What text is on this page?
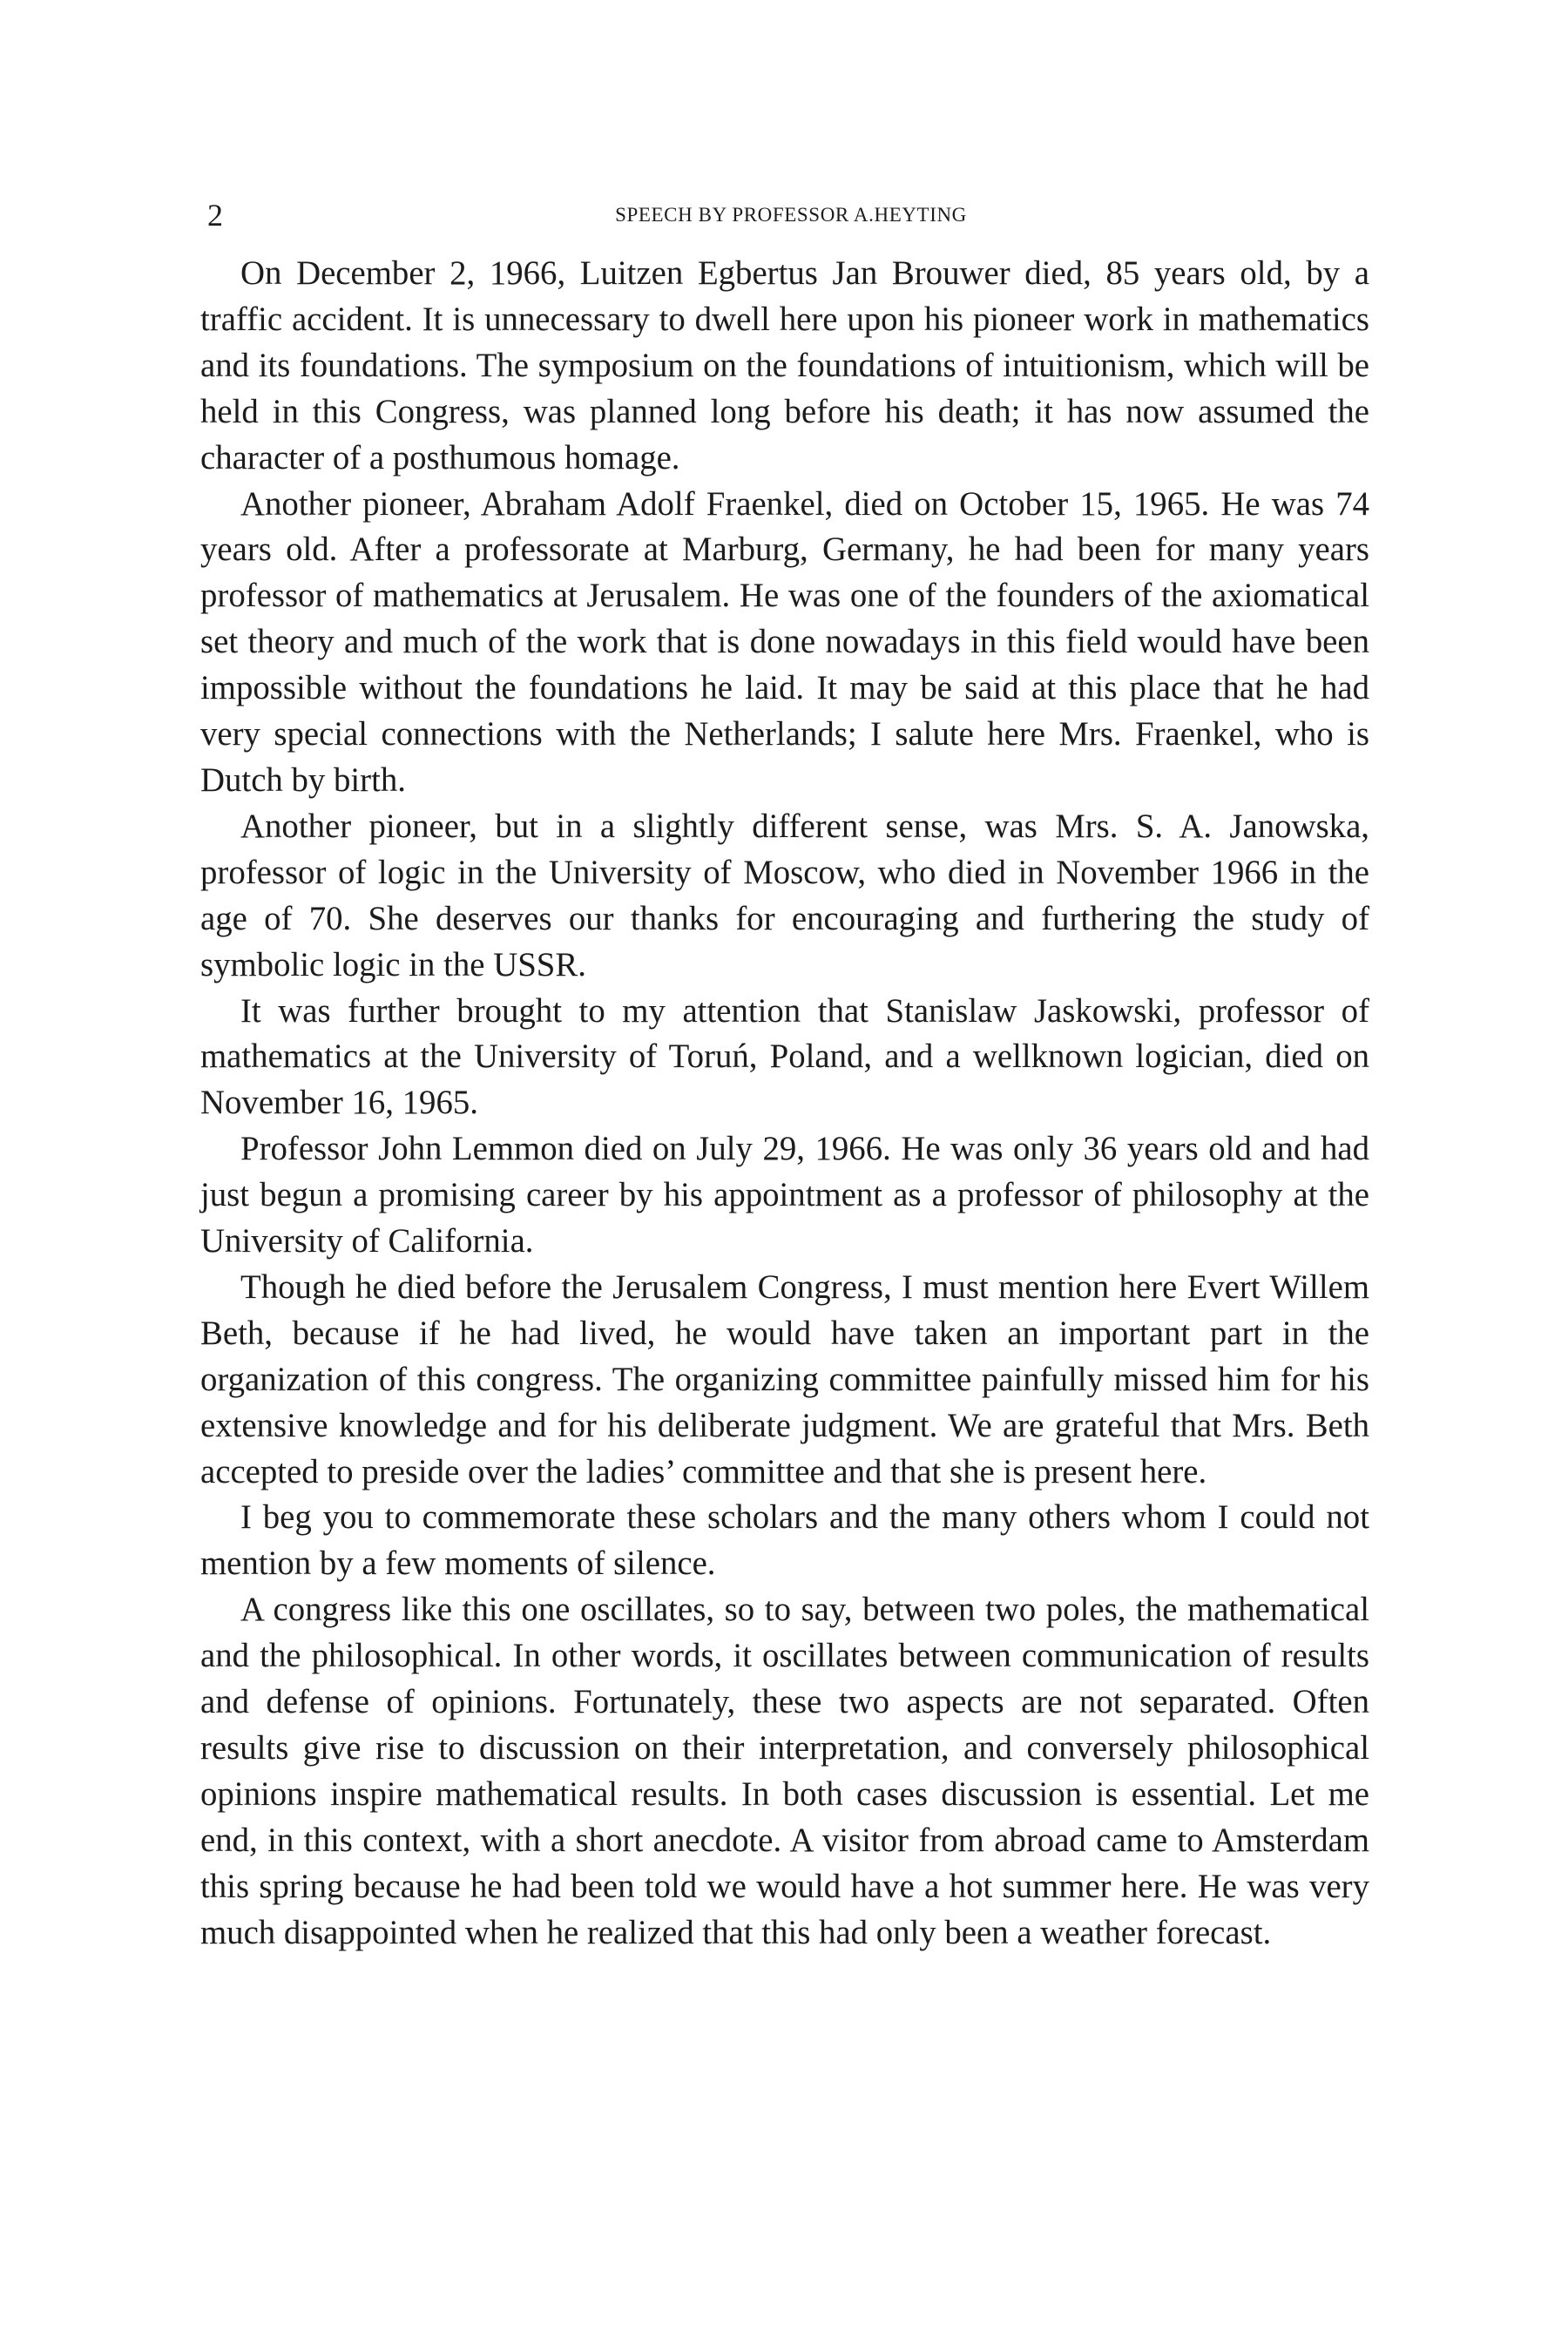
2	SPEECH BY PROFESSOR A.HEYTING

On December 2, 1966, Luitzen Egbertus Jan Brouwer died, 85 years old, by a traffic accident. It is unnecessary to dwell here upon his pioneer work in mathematics and its foundations. The symposium on the foundations of intuitionism, which will be held in this Congress, was planned long before his death; it has now assumed the character of a posthumous homage.

Another pioneer, Abraham Adolf Fraenkel, died on October 15, 1965. He was 74 years old. After a professorate at Marburg, Germany, he had been for many years professor of mathematics at Jerusalem. He was one of the founders of the axiomatical set theory and much of the work that is done nowadays in this field would have been impossible without the foundations he laid. It may be said at this place that he had very special connections with the Netherlands; I salute here Mrs. Fraenkel, who is Dutch by birth.

Another pioneer, but in a slightly different sense, was Mrs. S. A. Janowska, professor of logic in the University of Moscow, who died in November 1966 in the age of 70. She deserves our thanks for encouraging and furthering the study of symbolic logic in the USSR.

It was further brought to my attention that Stanislaw Jaskowski, professor of mathematics at the University of Toruń, Poland, and a wellknown logician, died on November 16, 1965.

Professor John Lemmon died on July 29, 1966. He was only 36 years old and had just begun a promising career by his appointment as a professor of philosophy at the University of California.

Though he died before the Jerusalem Congress, I must mention here Evert Willem Beth, because if he had lived, he would have taken an important part in the organization of this congress. The organizing committee painfully missed him for his extensive knowledge and for his deliberate judgment. We are grateful that Mrs. Beth accepted to preside over the ladies’ committee and that she is present here.

I beg you to commemorate these scholars and the many others whom I could not mention by a few moments of silence.

A congress like this one oscillates, so to say, between two poles, the mathematical and the philosophical. In other words, it oscillates between communication of results and defense of opinions. Fortunately, these two aspects are not separated. Often results give rise to discussion on their interpretation, and conversely philosophical opinions inspire mathematical results. In both cases discussion is essential. Let me end, in this context, with a short anecdote. A visitor from abroad came to Amsterdam this spring because he had been told we would have a hot summer here. He was very much disappointed when he realized that this had only been a weather forecast.
